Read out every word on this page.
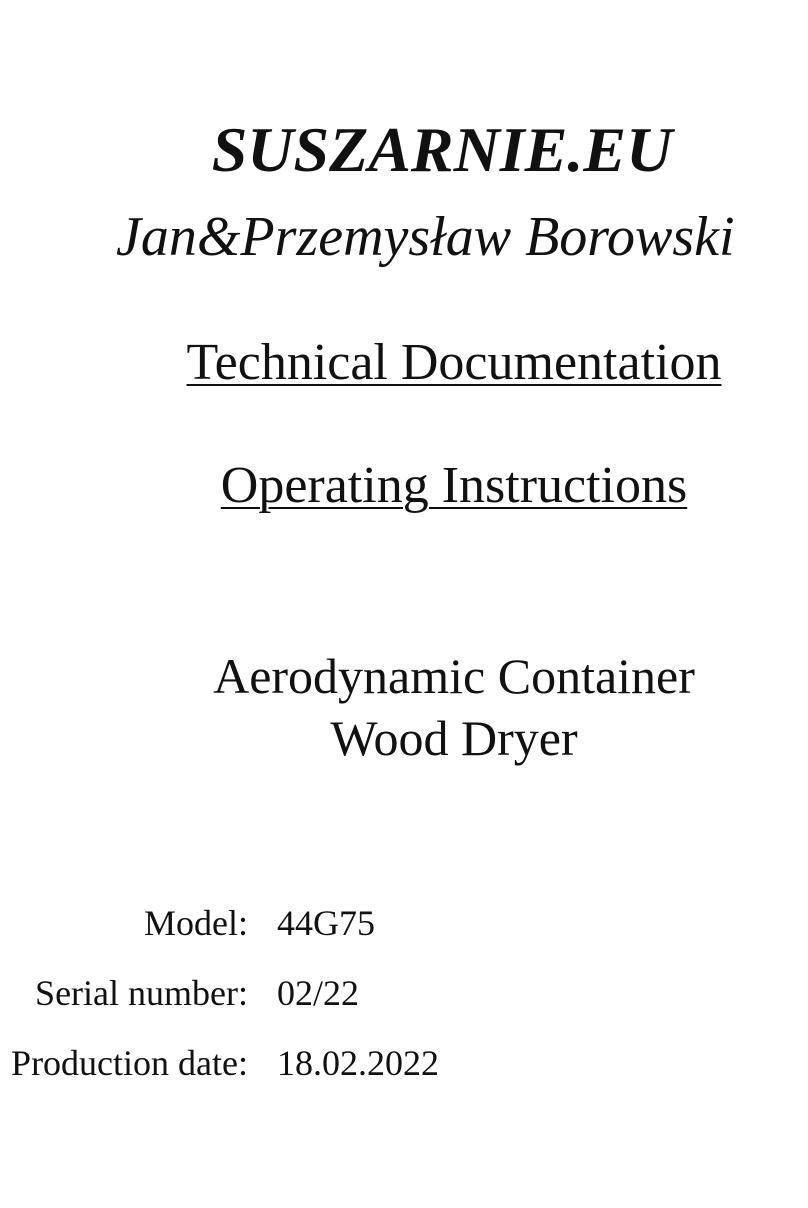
SUSZARNIE.EU
Jan&Przemysław Borowski
Technical Documentation
Operating Instructions
Aerodynamic Container
Wood Dryer
Model: 44G75
Serial number: 02/22
Production date: 18.02.2022
